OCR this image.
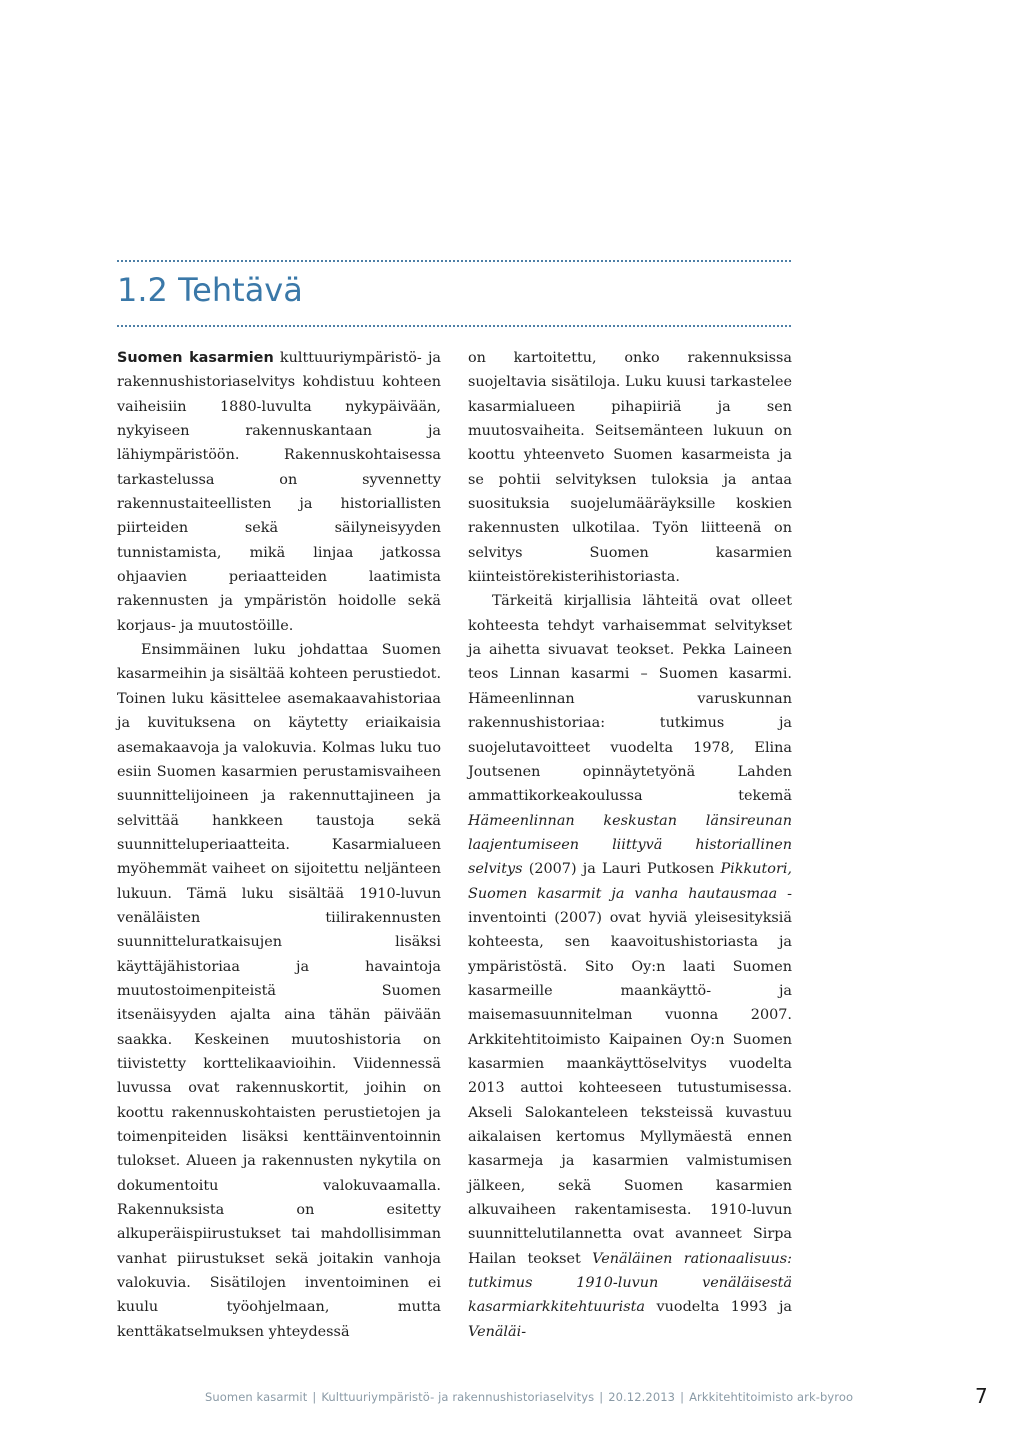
1.2 Tehtävä

Suomen kasarmien kulttuuriympäristö- ja rakennushistoriaselvitys kohdistuu kohteen vaiheisiin 1880-luvulta nykypäivään, nykyiseen rakennuskantaan ja lähiympäristöön. Rakennuskohtaisessa tarkastelussa on syvennetty rakennustaiteellisten ja historiallisten piirteiden sekä säilyneisyyden tunnistamista, mikä linjaa jatkossa ohjaavien periaatteiden laatimista rakennusten ja ympäristön hoidolle sekä korjaus- ja muutostöille.

Ensimmäinen luku johdattaa Suomen kasarmeihin ja sisältää kohteen perustiedot. Toinen luku käsittelee asemakaavahistoriaa ja kuvituksena on käytetty eriaikaisia asemakaavoja ja valokuvia. Kolmas luku tuo esiin Suomen kasarmien perustamisvaiheen suunnittelijoineen ja rakennuttajineen ja selvittää hankkeen taustoja sekä suunnitteluperiaatteita. Kasarmialueen myöhemmät vaiheet on sijoitettu neljänteen lukuun. Tämä luku sisältää 1910-luvun venäläisten tiilirakennusten suunnitteluratkaisujen lisäksi käyttäjähistoriaa ja havaintoja muutostoimenpiteistä Suomen itsenäisyyden ajalta aina tähän päivään saakka. Keskeinen muutoshistoria on tiivistetty korttelikaavioihin. Viidennessä luvussa ovat rakennuskortit, joihin on koottu rakennuskohtaisten perustietojen ja toimenpiteiden lisäksi kenttäinventoinnin tulokset. Alueen ja rakennusten nykytila on dokumentoitu valokuvaamalla. Rakennuksista on esitetty alkuperäispiirustukset tai mahdollisimman vanhat piirustukset sekä joitakin vanhoja valokuvia. Sisätilojen inventoiminen ei kuulu työohjelmaan, mutta kenttäkatselmuksen yhteydessä

on kartoitettu, onko rakennuksissa suojeltavia sisätiloja. Luku kuusi tarkastelee kasarmialueen pihapiiriä ja sen muutosvaiheita. Seitsemänteen lukuun on koottu yhteenveto Suomen kasarmeista ja se pohtii selvityksen tuloksia ja antaa suosituksia suojelumääräyksille koskien rakennusten ulkotilaa. Työn liitteenä on selvitys Suomen kasarmien kiinteistörekisterihistoriasta.

Tärkeitä kirjallisia lähteitä ovat olleet kohteesta tehdyt varhaisemmat selvitykset ja aihetta sivuavat teokset. Pekka Laineen teos Linnan kasarmi – Suomen kasarmi. Hämeenlinnan varuskunnan rakennushistoriaa: tutkimus ja suojelutavoitteet vuodelta 1978, Elina Joutsenen opinnäytetyönä Lahden ammattikorkeakoulussa tekemä Hämeenlinnan keskustan länsireunan laajentumiseen liittyvä historiallinen selvitys (2007) ja Lauri Putkosen Pikkutori, Suomen kasarmit ja vanha hautausmaa - inventointi (2007) ovat hyviä yleisesityksiä kohteesta, sen kaavoitushistoriasta ja ympäristöstä. Sito Oy:n laati Suomen kasarmeille maankäyttö- ja maisemasuunnitelman vuonna 2007. Arkkitehtitoimisto Kaipainen Oy:n Suomen kasarmien maankäyttöselvitys vuodelta 2013 auttoi kohteeseen tutustumisessa. Akseli Salokanteleen teksteissä kuvastuu aikalaisen kertomus Myllymäestä ennen kasarmeja ja kasarmien valmistumisen jälkeen, sekä Suomen kasarmien alkuvaiheen rakentamisesta. 1910-luvun suunnittelutilannetta ovat avanneet Sirpa Hailan teokset Venäläinen rationaalisuus: tutkimus 1910-luvun venäläisestä kasarmiarkkitehtuurista vuodelta 1993 ja Venäläi-

Suomen kasarmit | Kulttuuriympäristö- ja rakennushistoriaselvitys | 20.12.2013 | Arkkitehtitoimisto ark-byroo	7
